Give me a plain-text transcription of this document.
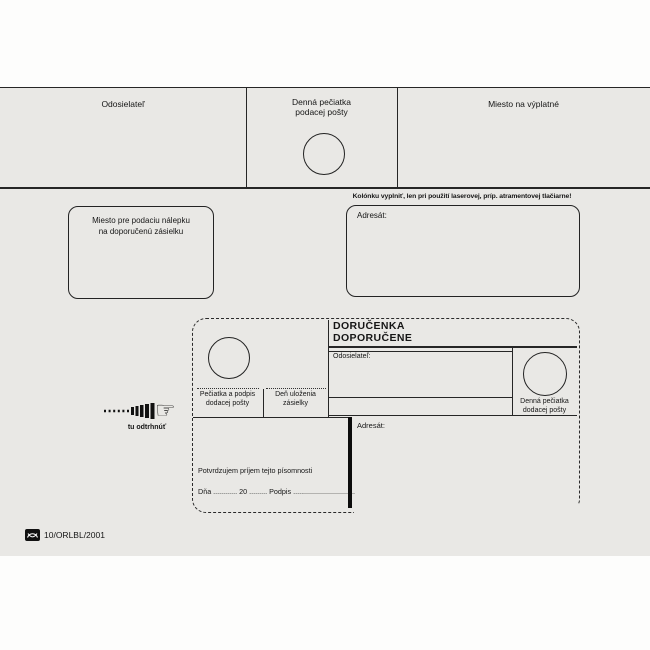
Odosielateľ	Denná pečiatka
podacej pošty
Miesto na výplatné
Miesto pre podaciu nálepku
na doporučenú zásielku
Kolónku vyplniť, len pri použití laserovej, príp. atramentovej tlačiarne!
Adresát:
Pečiatka a podpis
dodacej pošty
Deň uloženia
zásielky
DORUČENKA
DOPORUČENE
Odosielateľ:
Denná pečiatka
dodacej pošty
Adresát:
Potvrdzujem príjem tejto písomnosti
Dňa ............ 20 ......... Podpis ...............................
☞
tu odtrhnúť
10/ORLBL/2001
